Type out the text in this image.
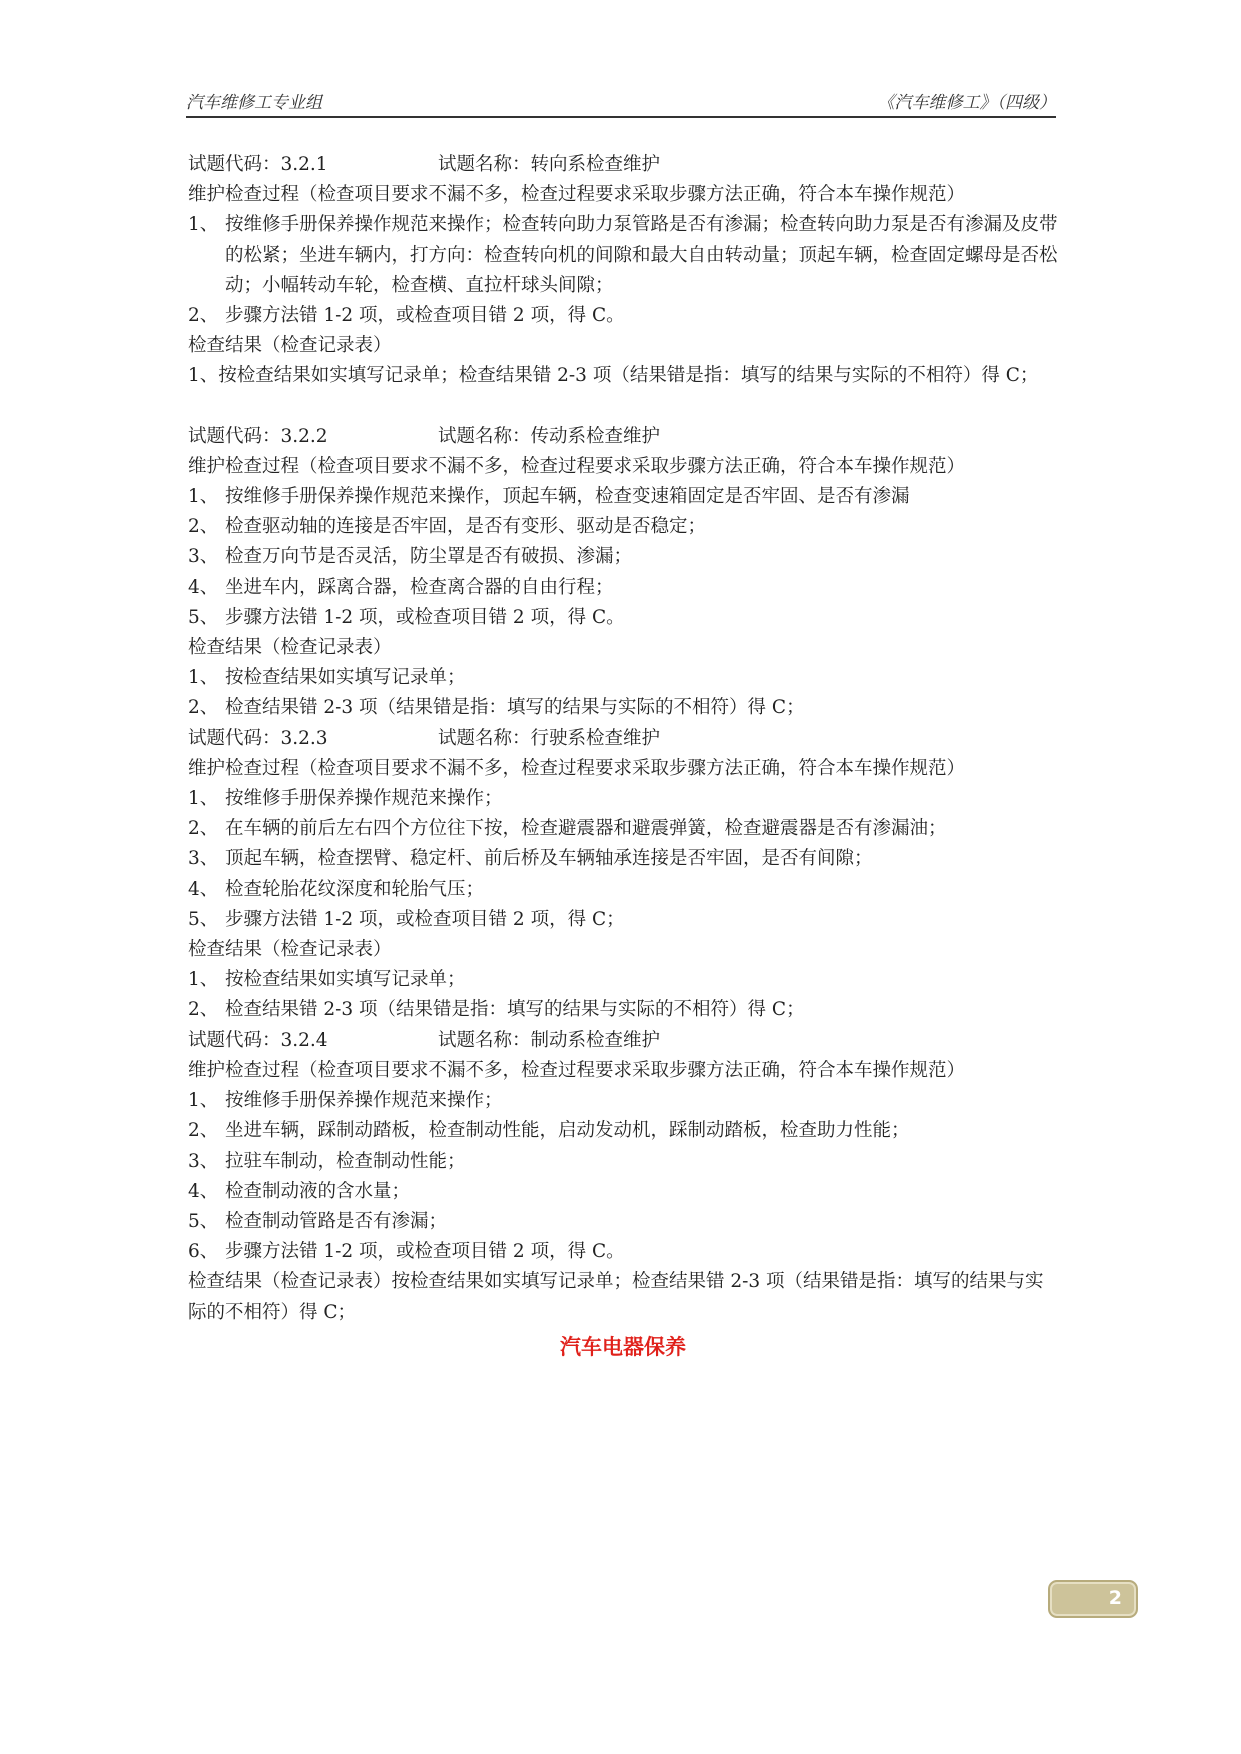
汽车维修工专业组	《汽车维修工》（四级）
试题代码：3.2.1	试题名称：转向系检查维护
维护检查过程（检查项目要求不漏不多，检查过程要求采取步骤方法正确，符合本车操作规范）
1、 按维修手册保养操作规范来操作；检查转向助力泵管路是否有渗漏；检查转向助力泵是否有渗漏及皮带的松紧；坐进车辆内，打方向：检查转向机的间隙和最大自由转动量；顶起车辆，检查固定螺母是否松动；小幅转动车轮，检查横、直拉杆球头间隙；
2、 步骤方法错 1-2 项，或检查项目错 2 项，得 C。
检查结果（检查记录表）
1、按检查结果如实填写记录单；检查结果错 2-3 项（结果错是指：填写的结果与实际的不相符）得 C；
试题代码：3.2.2	试题名称：传动系检查维护
维护检查过程（检查项目要求不漏不多，检查过程要求采取步骤方法正确，符合本车操作规范）
1、 按维修手册保养操作规范来操作，顶起车辆，检查变速箱固定是否牢固、是否有渗漏
2、 检查驱动轴的连接是否牢固，是否有变形、驱动是否稳定；
3、 检查万向节是否灵活，防尘罩是否有破损、渗漏；
4、 坐进车内，踩离合器，检查离合器的自由行程；
5、 步骤方法错 1-2 项，或检查项目错 2 项，得 C。
检查结果（检查记录表）
1、 按检查结果如实填写记录单；
2、 检查结果错 2-3 项（结果错是指：填写的结果与实际的不相符）得 C；
试题代码：3.2.3	试题名称：行驶系检查维护
维护检查过程（检查项目要求不漏不多，检查过程要求采取步骤方法正确，符合本车操作规范）
1、 按维修手册保养操作规范来操作；
2、 在车辆的前后左右四个方位往下按，检查避震器和避震弹簧，检查避震器是否有渗漏油；
3、 顶起车辆，检查摆臂、稳定杆、前后桥及车辆轴承连接是否牢固，是否有间隙；
4、 检查轮胎花纹深度和轮胎气压；
5、 步骤方法错 1-2 项，或检查项目错 2 项，得 C；
检查结果（检查记录表）
1、 按检查结果如实填写记录单；
2、 检查结果错 2-3 项（结果错是指：填写的结果与实际的不相符）得 C；
试题代码：3.2.4	试题名称：制动系检查维护
维护检查过程（检查项目要求不漏不多，检查过程要求采取步骤方法正确，符合本车操作规范）
1、 按维修手册保养操作规范来操作；
2、 坐进车辆，踩制动踏板，检查制动性能，启动发动机，踩制动踏板，检查助力性能；
3、 拉驻车制动，检查制动性能；
4、 检查制动液的含水量；
5、 检查制动管路是否有渗漏；
6、 步骤方法错 1-2 项，或检查项目错 2 项，得 C。
检查结果（检查记录表）按检查结果如实填写记录单；检查结果错 2-3 项（结果错是指：填写的结果与实际的不相符）得 C；
汽车电器保养
2
